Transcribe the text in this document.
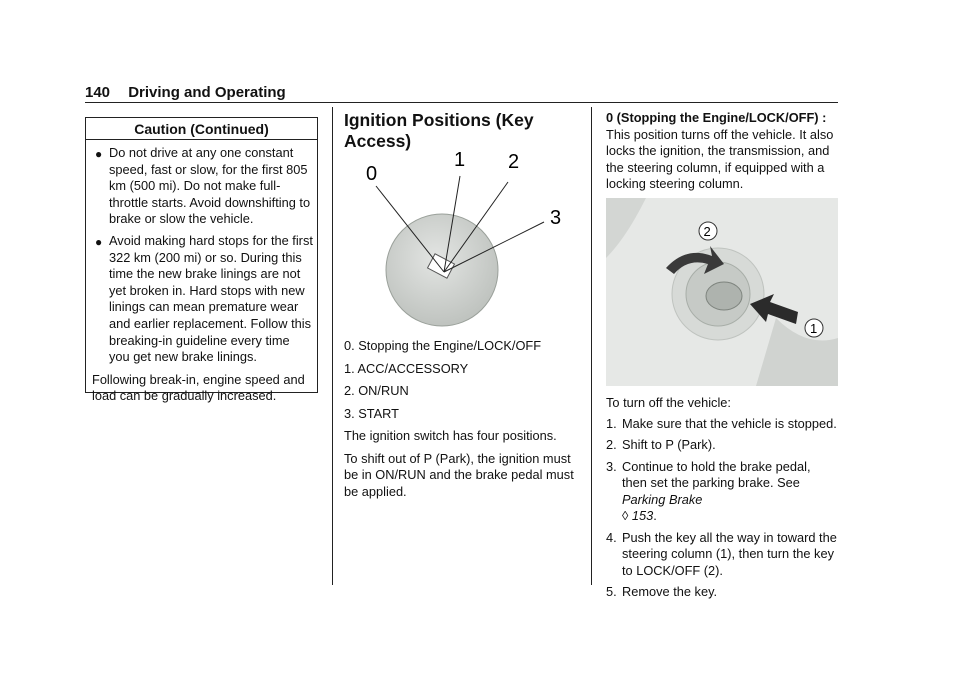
140 Driving and Operating
Caution (Continued)
● Do not drive at any one constant speed, fast or slow, for the first 805 km (500 mi). Do not make full-throttle starts. Avoid downshifting to brake or slow the vehicle.
● Avoid making hard stops for the first 322 km (200 mi) or so. During this time the new brake linings are not yet broken in. Hard stops with new linings can mean premature wear and earlier replacement. Follow this breaking-in guideline every time you get new brake linings.

Following break-in, engine speed and load can be gradually increased.

Ignition Positions (Key Access)
0
1 2
3

0. Stopping the Engine/LOCK/OFF

1. ACC/ACCESSORY

2. ON/RUN

3. START

The ignition switch has four positions.

To shift out of P (Park), the ignition must be in ON/RUN and the brake pedal must be applied.

0 (Stopping the Engine/LOCK/OFF) : This position turns off the vehicle. It also locks the ignition, the transmission, and the steering column, if equipped with a locking steering column.

2
1

To turn off the vehicle:

1. Make sure that the vehicle is stopped.
2. Shift to P (Park).
3. Continue to hold the brake pedal, then set the parking brake. See Parking Brake
◊ 153.
4. Push the key all the way in toward the steering column (1), then turn the key to LOCK/OFF (2).
5. Remove the key.
